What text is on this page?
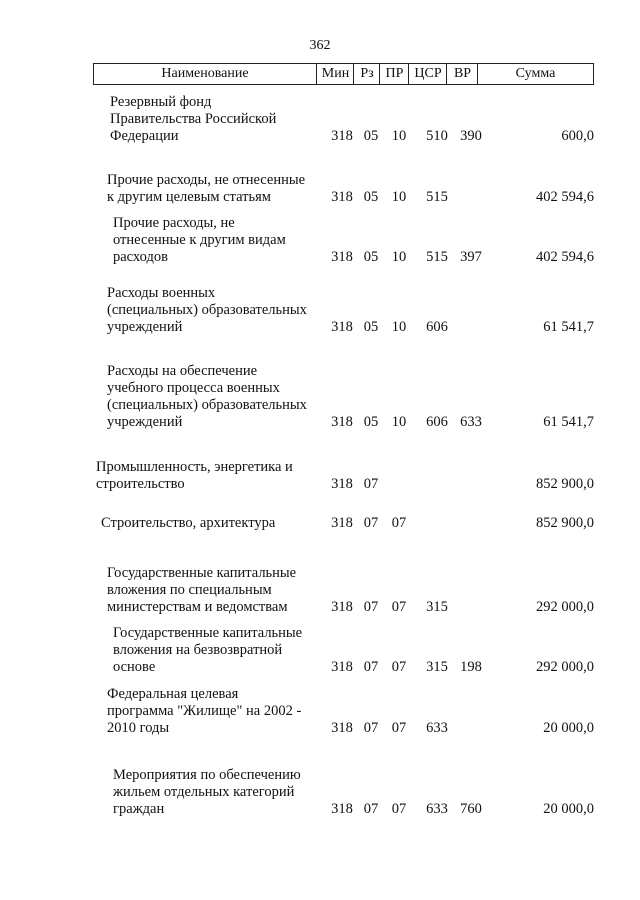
362
Наименование	Мин Рз ПР ЦСР ВР	Сумма
Резервный фонд
Правительства Российской
Федерации	318 05 10	510 390	600,0
Прочие расходы, не отнесенные
к другим целевым статьям	318 05 10	515	402 594,6
Прочие расходы, не
отнесенные к другим видам
расходов	318 05 10	515 397	402 594,6
Расходы военных
(специальных) образовательных
учреждений	318 05 10	606	61 541,7
Расходы на обеспечение
учебного процесса военных
(специальных) образовательных
учреждений	318 05 10	606 633	61 541,7
Промышленность, энергетика и
строительство	318 07	852 900,0
Строительство, архитектура	318 07 07	852 900,0
Государственные капитальные
вложения по специальным
министерствам и ведомствам	318 07 07	315	292 000,0
Государственные капитальные
вложения на безвозвратной
основе	318 07 07	315 198	292 000,0
Федеральная целевая
программа "Жилище" на 2002 -
2010 годы	318 07 07	633	20 000,0
Мероприятия по обеспечению
жильем отдельных категорий
граждан	318 07 07	633 760	20 000,0
